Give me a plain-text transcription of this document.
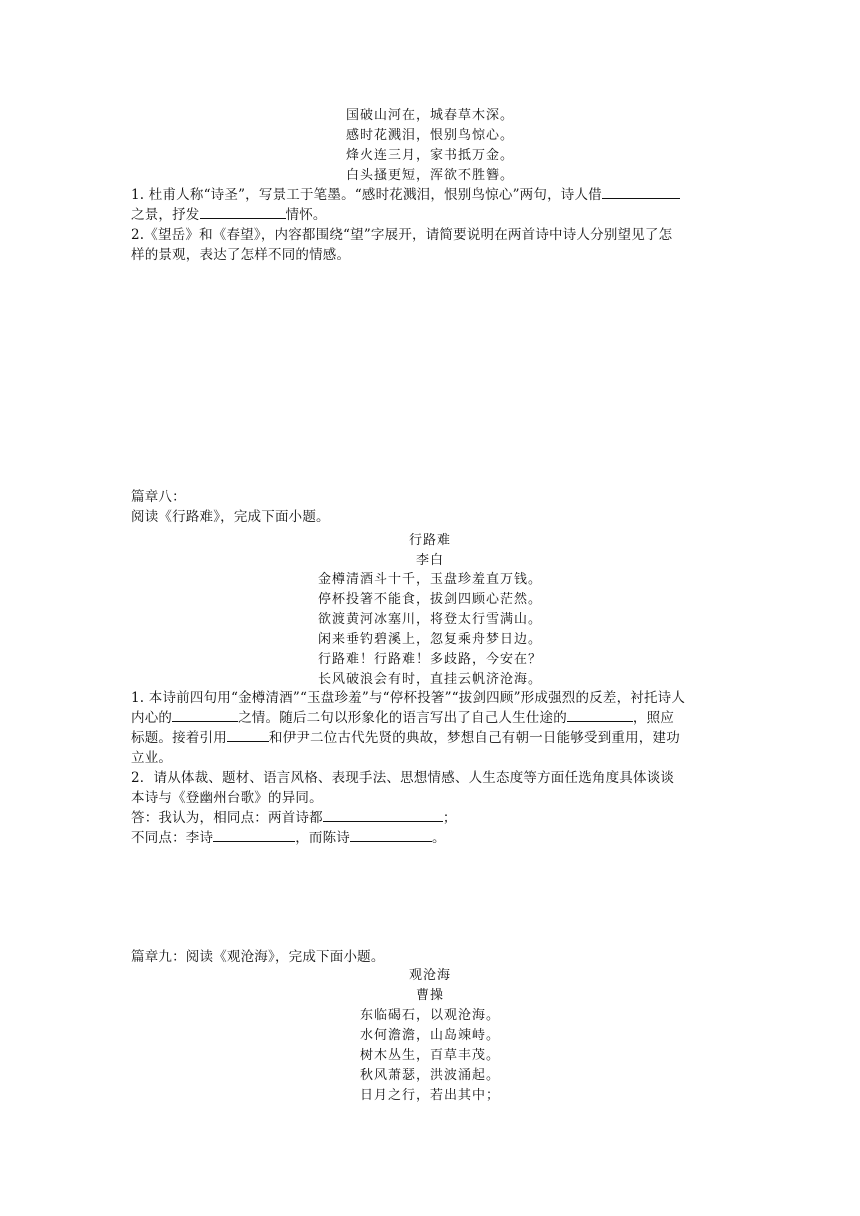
国破山河在，城春草木深。
感时花溅泪，恨别鸟惊心。
烽火连三月，家书抵万金。
白头搔更短，浑欲不胜簪。
1. 杜甫人称“诗圣”，写景工于笔墨。“感时花溅泪，恨别鸟惊心”两句，诗人借
之景，抒发	情怀。
2.《望岳》和《春望》，内容都围绕“望”字展开，请简要说明在两首诗中诗人分别望见了怎
样的景观，表达了怎样不同的情感。
篇章八：
阅读《行路难》，完成下面小题。
行路难
李白
金樽清酒斗十千，玉盘珍羞直万钱。
停杯投箸不能食，拔剑四顾心茫然。
欲渡黄河冰塞川，将登太行雪满山。
闲来垂钓碧溪上，忽复乘舟梦日边。
行路难！行路难！多歧路，今安在？
长风破浪会有时，直挂云帆济沧海。
1. 本诗前四句用“金樽清酒”“玉盘珍羞”与“停杯投箸”“拔剑四顾”形成强烈的反差，衬托诗人
内心的	之情。随后二句以形象化的语言写出了自己人生仕途的	，照应
标题。接着引用	和伊尹二位古代先贤的典故，梦想自己有朝一日能够受到重用，建功
立业。
2．请从体裁、题材、语言风格、表现手法、思想情感、人生态度等方面任选角度具体谈谈
本诗与《登幽州台歌》的异同。
答：我认为，相同点：两首诗都	；
不同点：李诗	，而陈诗	。
篇章九：阅读《观沧海》，完成下面小题。
观沧海
曹操
东临碣石，以观沧海。
水何澹澹，山岛竦峙。
树木丛生，百草丰茂。
秋风萧瑟，洪波涌起。
日月之行，若出其中；
